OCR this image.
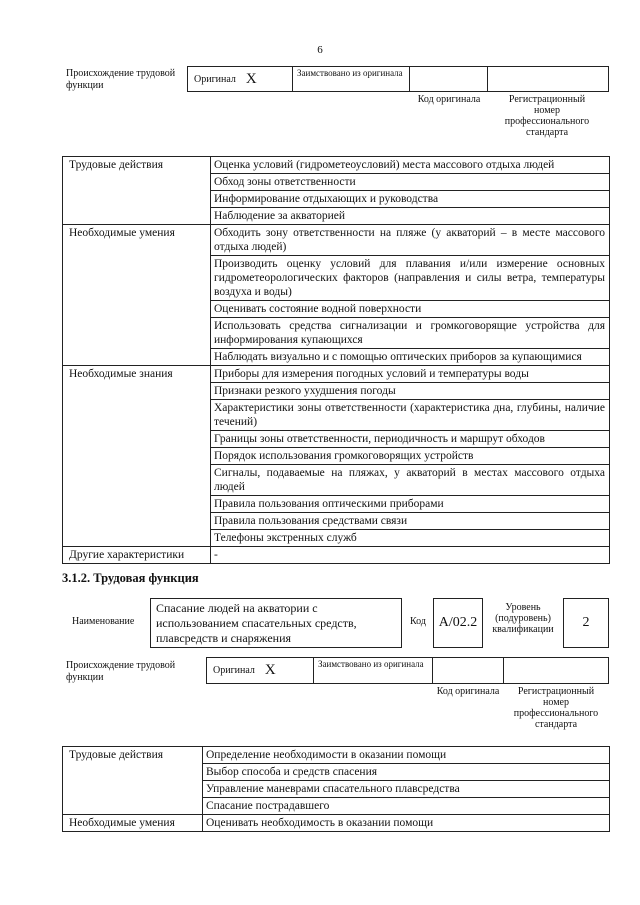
6
Происхождение трудовой функции
Оригинал X	Заимствовано из оригинала
Код оригинала	Регистрационный номер профессионального стандарта
Трудовые действия	Оценка условий (гидрометеоусловий) места массового отдыха людей
	Обход зоны ответственности
	Информирование отдыхающих и руководства
	Наблюдение за акваторией
Необходимые умения	Обходить зону ответственности на пляже (у акваторий – в месте массового отдыха людей)
	Производить оценку условий для плавания и/или измерение основных гидрометеорологических факторов (направления и силы ветра, температуры воздуха и воды)
	Оценивать состояние водной поверхности
	Использовать средства сигнализации и громкоговорящие устройства для информирования купающихся
	Наблюдать визуально и с помощью оптических приборов за купающимися
Необходимые знания	Приборы для измерения погодных условий и температуры воды
	Признаки резкого ухудшения погоды
	Характеристики зоны ответственности (характеристика дна, глубины, наличие течений)
	Границы зоны ответственности, периодичность и маршрут обходов
	Порядок использования громкоговорящих устройств
	Сигналы, подаваемые на пляжах, у акваторий в местах массового отдыха людей
	Правила пользования оптическими приборами
	Правила пользования средствами связи
	Телефоны экстренных служб
Другие характеристики	-
3.1.2. Трудовая функция
Наименование
Спасание людей на акватории с использованием спасательных средств, плавсредств и снаряжения
Код А/02.2
Уровень (подуровень) квалификации	2
Происхождение трудовой функции
Оригинал X	Заимствовано из оригинала
Код оригинала	Регистрационный номер профессионального стандарта
Трудовые действия	Определение необходимости в оказании помощи
	Выбор способа и средств спасения
	Управление маневрами спасательного плавсредства
	Спасание пострадавшего
Необходимые умения	Оценивать необходимость в оказании помощи
